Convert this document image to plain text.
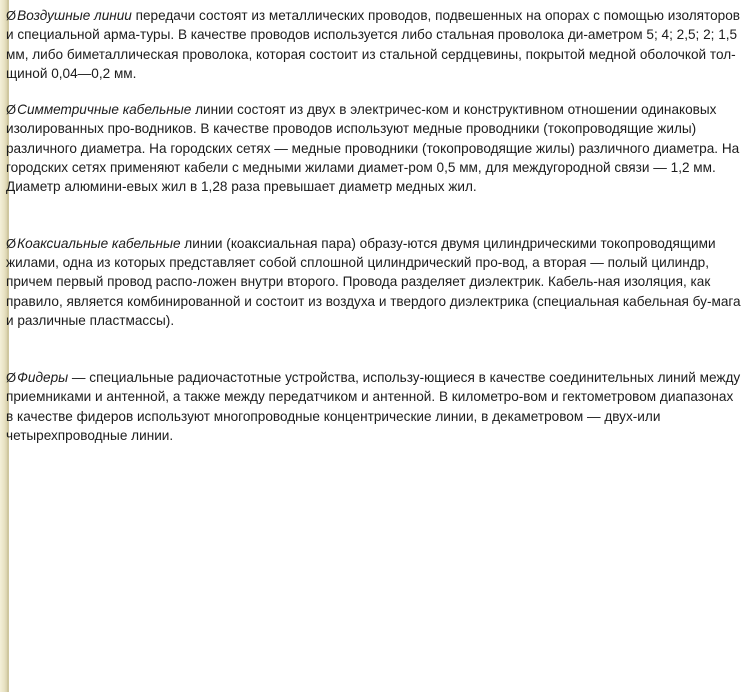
ØВоздушные линии передачи состоят из металлических проводов, подвешенных на опорах с помощью изоляторов и специальной арма-туры. В качестве проводов используется либо стальная проволока ди-аметром 5; 4; 2,5; 2; 1,5 мм, либо биметаллическая проволока, которая состоит из стальной сердцевины, покрытой медной оболочкой тол-щиной 0,04—0,2 мм.

ØСимметричные кабельные линии состоят из двух в электричес-ком и конструктивном отношении одинаковых изолированных про-водников. В качестве проводов используют медные проводники (токопроводящие жилы) различного диаметра. На городских сетях — медные проводники (токопроводящие жилы) различного диаметра. На городских сетях применяют кабели с медными жилами диамет-ром 0,5 мм, для междугородной связи — 1,2 мм. Диаметр алюмини-евых жил в 1,28 раза превышает диаметр медных жил.

ØКоаксиальные кабельные линии (коаксиальная пара) образу-ются двумя цилиндрическими токопроводящими жилами, одна из которых представляет собой сплошной цилиндрический про-вод, а вторая — полый цилиндр, причем первый провод распо-ложен внутри второго. Провода разделяет диэлектрик. Кабель-ная изоляция, как правило, является комбинированной и состоит из воздуха и твердого диэлектрика (специальная кабельная бу-мага и различные пластмассы).

ØФидеры — специальные радиочастотные устройства, использу-ющиеся в качестве соединительных линий между приемниками и антенной, а также между передатчиком и антенной. В километро-вом и гектометровом диапазонах в качестве фидеров используют многопроводные концентрические линии, в декаметровом — двух-или четырехпроводные линии.
